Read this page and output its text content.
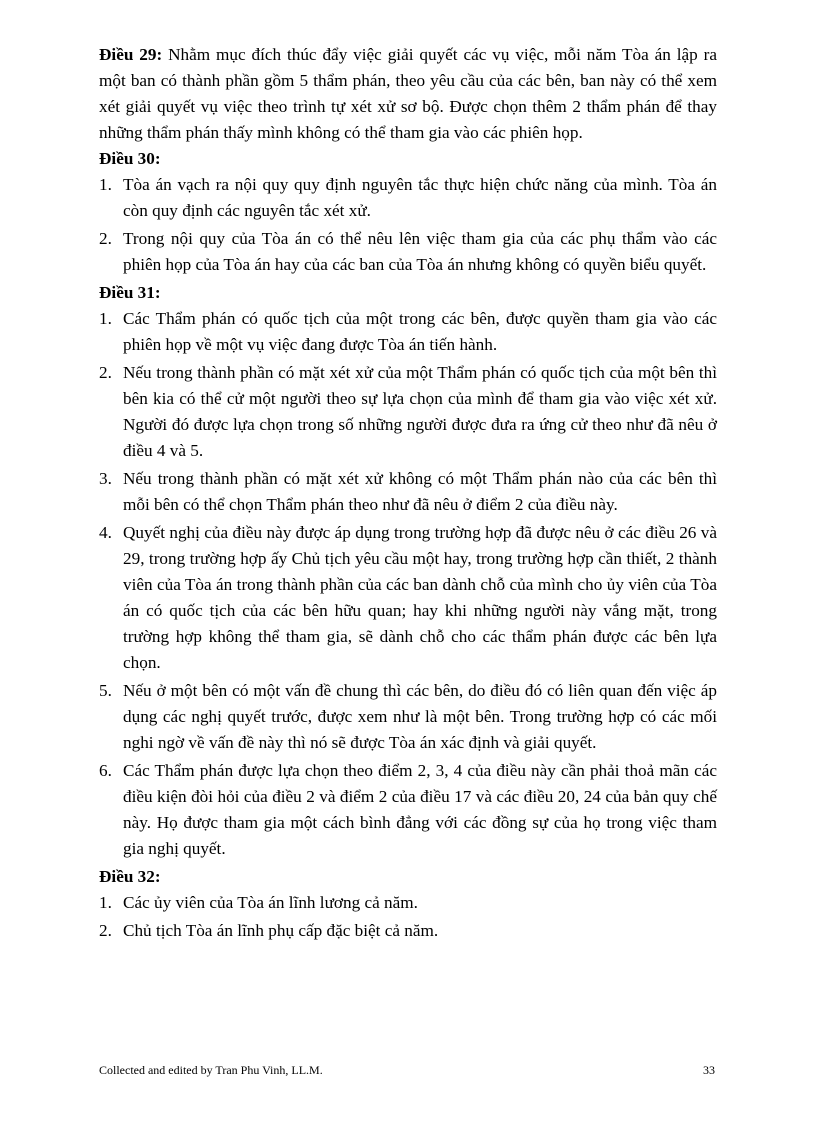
Điều 29: Nhằm mục đích thúc đẩy việc giải quyết các vụ việc, mỗi năm Tòa án lập ra một ban có thành phần gồm 5 thẩm phán, theo yêu cầu của các bên, ban này có thể xem xét giải quyết vụ việc theo trình tự xét xử sơ bộ. Được chọn thêm 2 thẩm phán để thay những thẩm phán thấy mình không có thể tham gia vào các phiên họp.

Điều 30:

1. Tòa án vạch ra nội quy quy định nguyên tắc thực hiện chức năng của mình. Tòa án còn quy định các nguyên tắc xét xử.
2. Trong nội quy của Tòa án có thể nêu lên việc tham gia của các phụ thẩm vào các phiên họp của Tòa án hay của các ban của Tòa án nhưng không có quyền biểu quyết.

Điều 31:

1. Các Thẩm phán có quốc tịch của một trong các bên, được quyền tham gia vào các phiên họp về một vụ việc đang được Tòa án tiến hành.
2. Nếu trong thành phần có mặt xét xử của một Thẩm phán có quốc tịch của một bên thì bên kia có thể cử một người theo sự lựa chọn của mình để tham gia vào việc xét xử. Người đó được lựa chọn trong số những người được đưa ra ứng cử theo như đã nêu ở điều 4 và 5.
3. Nếu trong thành phần có mặt xét xử không có một Thẩm phán nào của các bên thì mỗi bên có thể chọn Thẩm phán theo như đã nêu ở điểm 2 của điều này.
4. Quyết nghị của điều này được áp dụng trong trường hợp đã được nêu ở các điều 26 và 29, trong trường hợp ấy Chủ tịch yêu cầu một hay, trong trường hợp cần thiết, 2 thành viên của Tòa án trong thành phần của các ban dành chỗ của mình cho ủy viên của Tòa án có quốc tịch của các bên hữu quan; hay khi những người này vắng mặt, trong trường hợp không thể tham gia, sẽ dành chỗ cho các thẩm phán được các bên lựa chọn.
5. Nếu ở một bên có một vấn đề chung thì các bên, do điều đó có liên quan đến việc áp dụng các nghị quyết trước, được xem như là một bên. Trong trường hợp có các mối nghi ngờ về vấn đề này thì nó sẽ được Tòa án xác định và giải quyết.
6. Các Thẩm phán được lựa chọn theo điểm 2, 3, 4 của điều này cần phải thoả mãn các điều kiện đòi hỏi của điều 2 và điểm 2 của điều 17 và các điều 20, 24 của bản quy chế này. Họ được tham gia một cách bình đẳng với các đồng sự của họ trong việc tham gia nghị quyết.

Điều 32:

1. Các ủy viên của Tòa án lĩnh lương cả năm.
2. Chủ tịch Tòa án lĩnh phụ cấp đặc biệt cả năm.
Collected and edited by Tran Phu Vinh, LL.M.	33
